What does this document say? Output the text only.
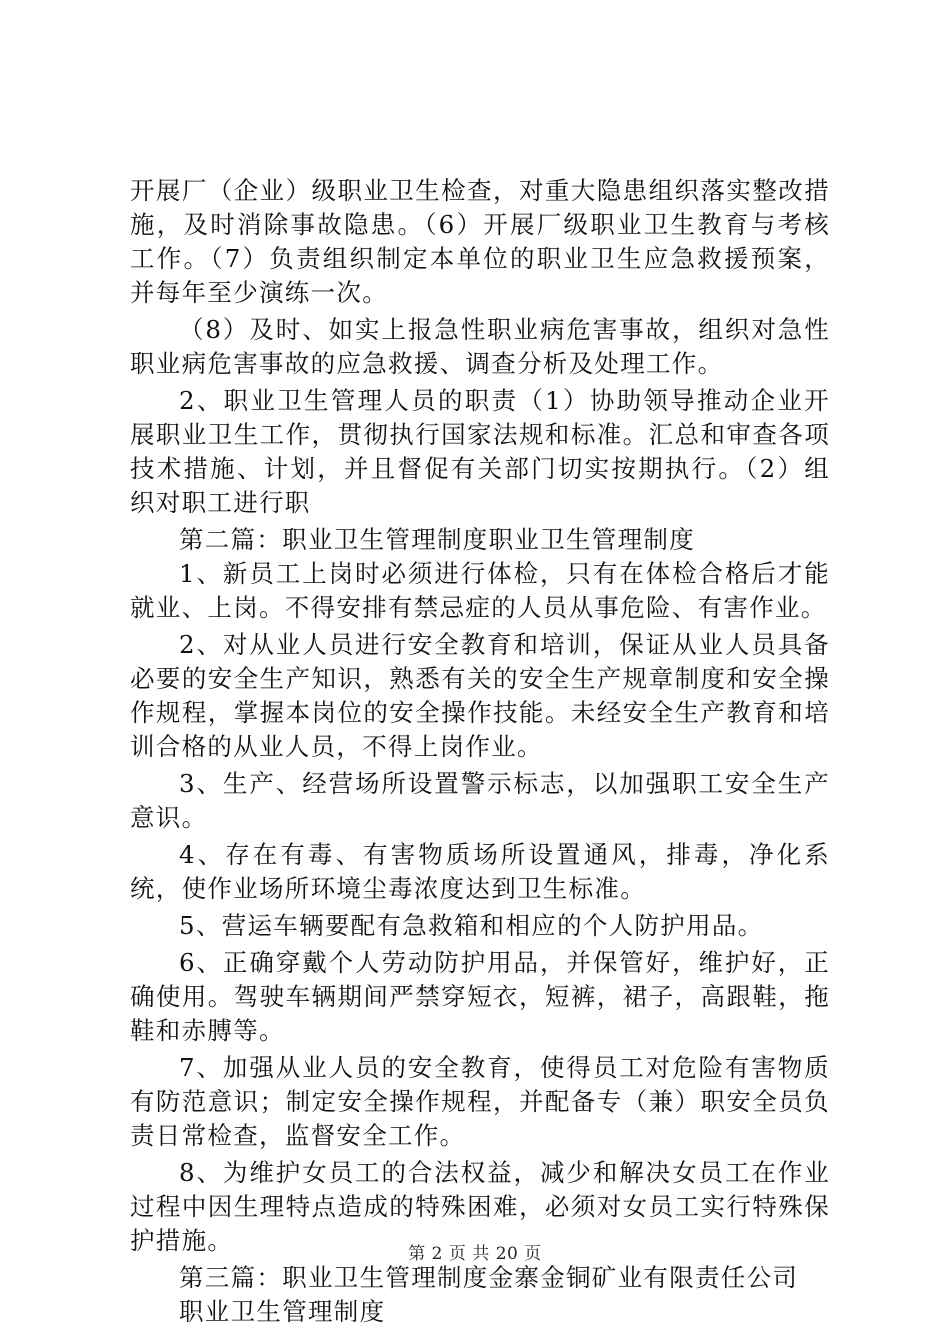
开展厂（企业）级职业卫生检查，对重大隐患组织落实整改措施，及时消除事故隐患。（6）开展厂级职业卫生教育与考核工作。（7）负责组织制定本单位的职业卫生应急救援预案，并每年至少演练一次。

（8）及时、如实上报急性职业病危害事故，组织对急性职业病危害事故的应急救援、调查分析及处理工作。

2、职业卫生管理人员的职责（1）协助领导推动企业开展职业卫生工作，贯彻执行国家法规和标准。汇总和审查各项技术措施、计划，并且督促有关部门切实按期执行。（2）组织对职工进行职

第二篇：职业卫生管理制度职业卫生管理制度

1、新员工上岗时必须进行体检，只有在体检合格后才能就业、上岗。不得安排有禁忌症的人员从事危险、有害作业。

2、对从业人员进行安全教育和培训，保证从业人员具备必要的安全生产知识，熟悉有关的安全生产规章制度和安全操作规程，掌握本岗位的安全操作技能。未经安全生产教育和培训合格的从业人员，不得上岗作业。

3、生产、经营场所设置警示标志，以加强职工安全生产意识。

4、存在有毒、有害物质场所设置通风，排毒，净化系统，使作业场所环境尘毒浓度达到卫生标准。

5、营运车辆要配有急救箱和相应的个人防护用品。

6、正确穿戴个人劳动防护用品，并保管好，维护好，正确使用。驾驶车辆期间严禁穿短衣，短裤，裙子，高跟鞋，拖鞋和赤膊等。

7、加强从业人员的安全教育，使得员工对危险有害物质有防范意识；制定安全操作规程，并配备专（兼）职安全员负责日常检查，监督安全工作。

8、为维护女员工的合法权益，减少和解决女员工在作业过程中因生理特点造成的特殊困难，必须对女员工实行特殊保护措施。

第三篇：职业卫生管理制度金寨金铜矿业有限责任公司

职业卫生管理制度

第 2 页 共 20 页
